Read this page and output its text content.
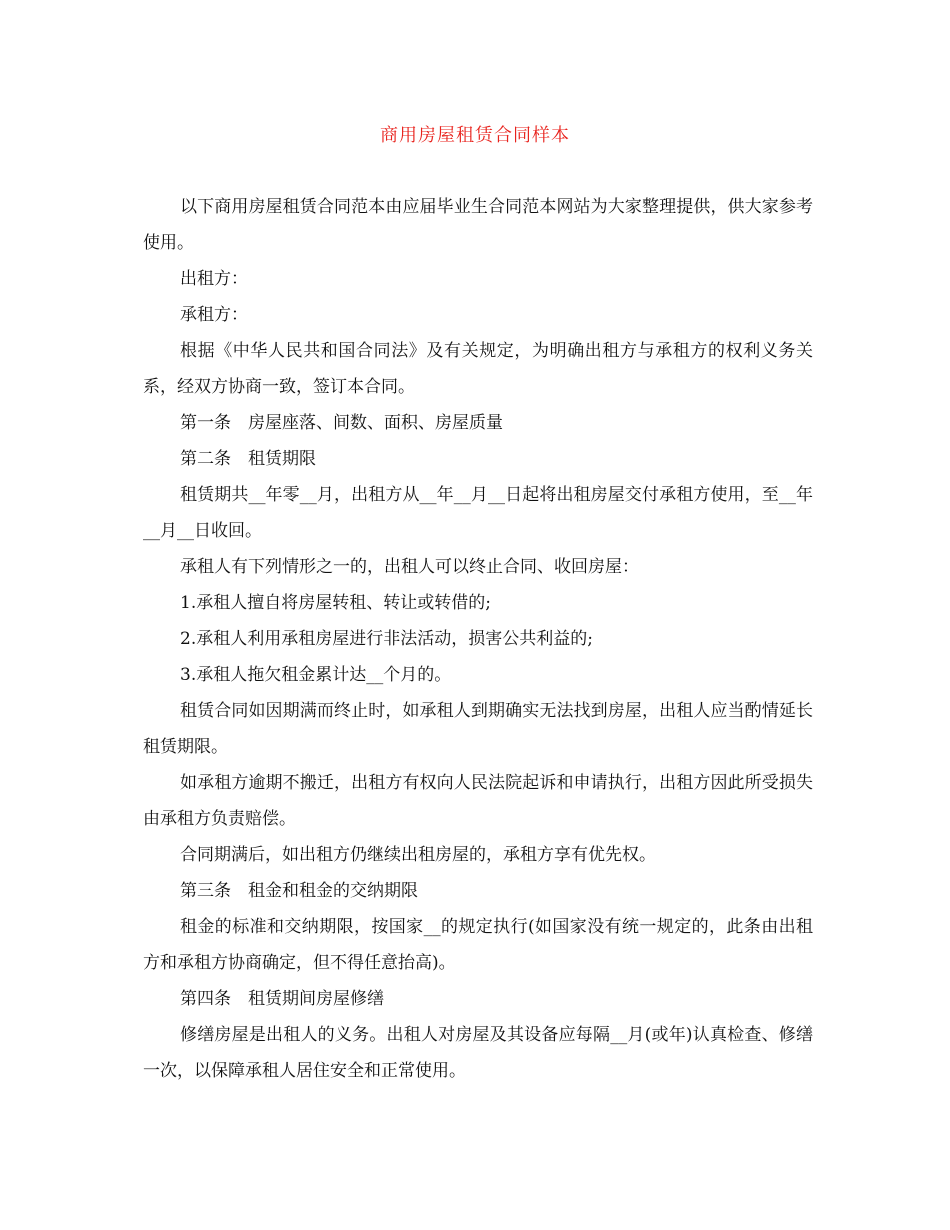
商用房屋租赁合同样本

以下商用房屋租赁合同范本由应届毕业生合同范本网站为大家整理提供，供大家参考使用。

出租方：

承租方：

根据《中华人民共和国合同法》及有关规定，为明确出租方与承租方的权利义务关系，经双方协商一致，签订本合同。

第一条　房屋座落、间数、面积、房屋质量

第二条　租赁期限

租赁期共__年零__月，出租方从__年__月__日起将出租房屋交付承租方使用，至__年__月__日收回。

承租人有下列情形之一的，出租人可以终止合同、收回房屋：

1.承租人擅自将房屋转租、转让或转借的;

2.承租人利用承租房屋进行非法活动，损害公共利益的;

3.承租人拖欠租金累计达__个月的。

租赁合同如因期满而终止时，如承租人到期确实无法找到房屋，出租人应当酌情延长租赁期限。

如承租方逾期不搬迁，出租方有权向人民法院起诉和申请执行，出租方因此所受损失由承租方负责赔偿。

合同期满后，如出租方仍继续出租房屋的，承租方享有优先权。

第三条　租金和租金的交纳期限

租金的标准和交纳期限，按国家__的规定执行(如国家没有统一规定的，此条由出租方和承租方协商确定，但不得任意抬高)。

第四条　租赁期间房屋修缮

修缮房屋是出租人的义务。出租人对房屋及其设备应每隔__月(或年)认真检查、修缮一次，以保障承租人居住安全和正常使用。
